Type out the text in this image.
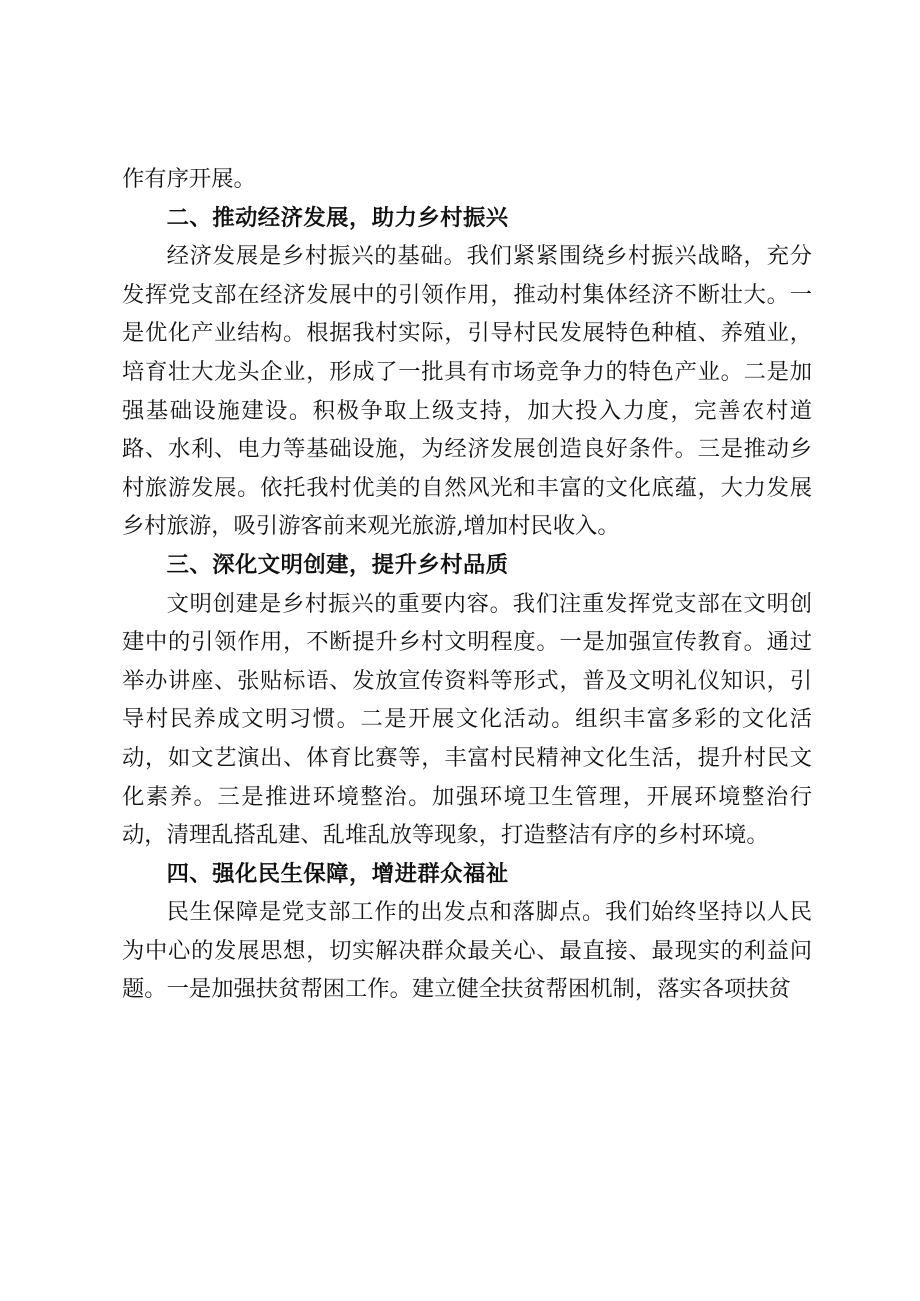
作有序开展。

二、推动经济发展，助力乡村振兴

经济发展是乡村振兴的基础。我们紧紧围绕乡村振兴战略，充分发挥党支部在经济发展中的引领作用，推动村集体经济不断壮大。一是优化产业结构。根据我村实际，引导村民发展特色种植、养殖业，培育壮大龙头企业，形成了一批具有市场竞争力的特色产业。二是加强基础设施建设。积极争取上级支持，加大投入力度，完善农村道路、水利、电力等基础设施，为经济发展创造良好条件。三是推动乡村旅游发展。依托我村优美的自然风光和丰富的文化底蕴，大力发展乡村旅游，吸引游客前来观光旅游,增加村民收入。

三、深化文明创建，提升乡村品质

文明创建是乡村振兴的重要内容。我们注重发挥党支部在文明创建中的引领作用，不断提升乡村文明程度。一是加强宣传教育。通过举办讲座、张贴标语、发放宣传资料等形式，普及文明礼仪知识，引导村民养成文明习惯。二是开展文化活动。组织丰富多彩的文化活动，如文艺演出、体育比赛等，丰富村民精神文化生活，提升村民文化素养。三是推进环境整治。加强环境卫生管理，开展环境整治行动，清理乱搭乱建、乱堆乱放等现象，打造整洁有序的乡村环境。

四、强化民生保障，增进群众福祉

民生保障是党支部工作的出发点和落脚点。我们始终坚持以人民为中心的发展思想，切实解决群众最关心、最直接、最现实的利益问题。一是加强扶贫帮困工作。建立健全扶贫帮困机制，落实各项扶贫
